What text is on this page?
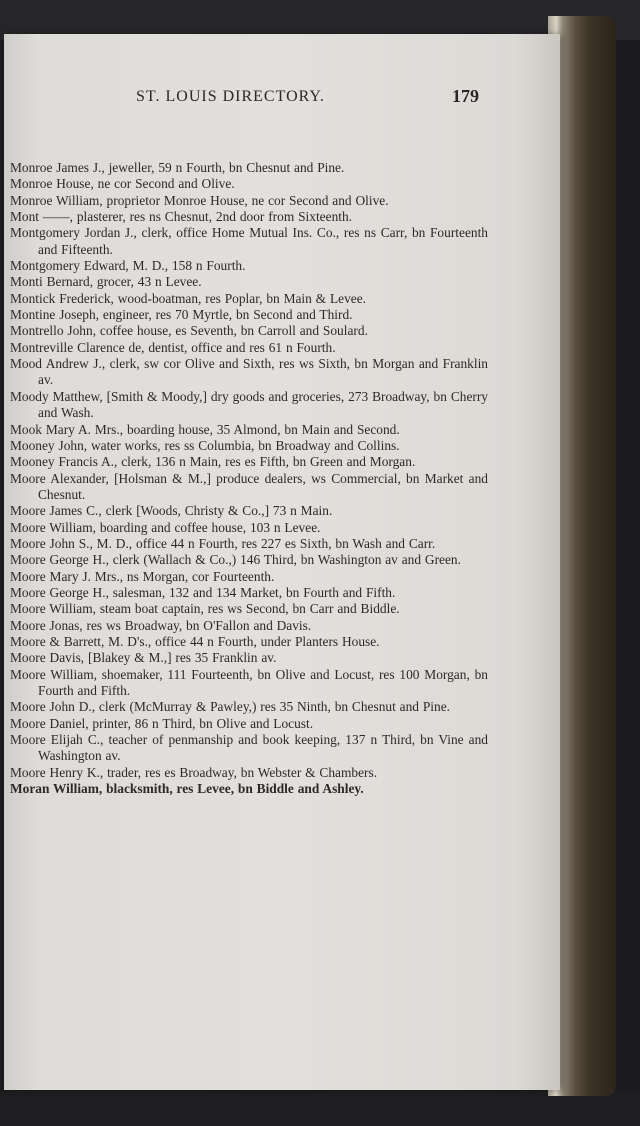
ST. LOUIS DIRECTORY.	179
Monroe James J., jeweller, 59 n Fourth, bn Chesnut and Pine.
Monroe House, ne cor Second and Olive.
Monroe William, proprietor Monroe House, ne cor Second and Olive.
Mont ——, plasterer, res ns Chesnut, 2nd door from Sixteenth.
Montgomery Jordan J., clerk, office Home Mutual Ins. Co., res ns Carr, bn Fourteenth and Fifteenth.
Montgomery Edward, M. D., 158 n Fourth.
Monti Bernard, grocer, 43 n Levee.
Montick Frederick, wood-boatman, res Poplar, bn Main & Levee.
Montine Joseph, engineer, res 70 Myrtle, bn Second and Third.
Montrello John, coffee house, es Seventh, bn Carroll and Soulard.
Montreville Clarence de, dentist, office and res 61 n Fourth.
Mood Andrew J., clerk, sw cor Olive and Sixth, res ws Sixth, bn Morgan and Franklin av.
Moody Matthew, [Smith & Moody,] dry goods and groceries, 273 Broadway, bn Cherry and Wash.
Mook Mary A. Mrs., boarding house, 35 Almond, bn Main and Second.
Mooney John, water works, res ss Columbia, bn Broadway and Collins.
Mooney Francis A., clerk, 136 n Main, res es Fifth, bn Green and Morgan.
Moore Alexander, [Holsman & M.,] produce dealers, ws Commercial, bn Market and Chesnut.
Moore James C., clerk [Woods, Christy & Co.,] 73 n Main.
Moore William, boarding and coffee house, 103 n Levee.
Moore John S., M. D., office 44 n Fourth, res 227 es Sixth, bn Wash and Carr.
Moore George H., clerk (Wallach & Co.,) 146 Third, bn Washington av and Green.
Moore Mary J. Mrs., ns Morgan, cor Fourteenth.
Moore George H., salesman, 132 and 134 Market, bn Fourth and Fifth.
Moore William, steam boat captain, res ws Second, bn Carr and Biddle.
Moore Jonas, res ws Broadway, bn O'Fallon and Davis.
Moore & Barrett, M. D's., office 44 n Fourth, under Planters House.
Moore Davis, [Blakey & M.,] res 35 Franklin av.
Moore William, shoemaker, 111 Fourteenth, bn Olive and Locust, res 100 Morgan, bn Fourth and Fifth.
Moore John D., clerk (McMurray & Pawley,) res 35 Ninth, bn Chesnut and Pine.
Moore Daniel, printer, 86 n Third, bn Olive and Locust.
Moore Elijah C., teacher of penmanship and book keeping, 137 n Third, bn Vine and Washington av.
Moore Henry K., trader, res es Broadway, bn Webster & Chambers.
Moran William, blacksmith, res Levee, bn Biddle and Ashley.
